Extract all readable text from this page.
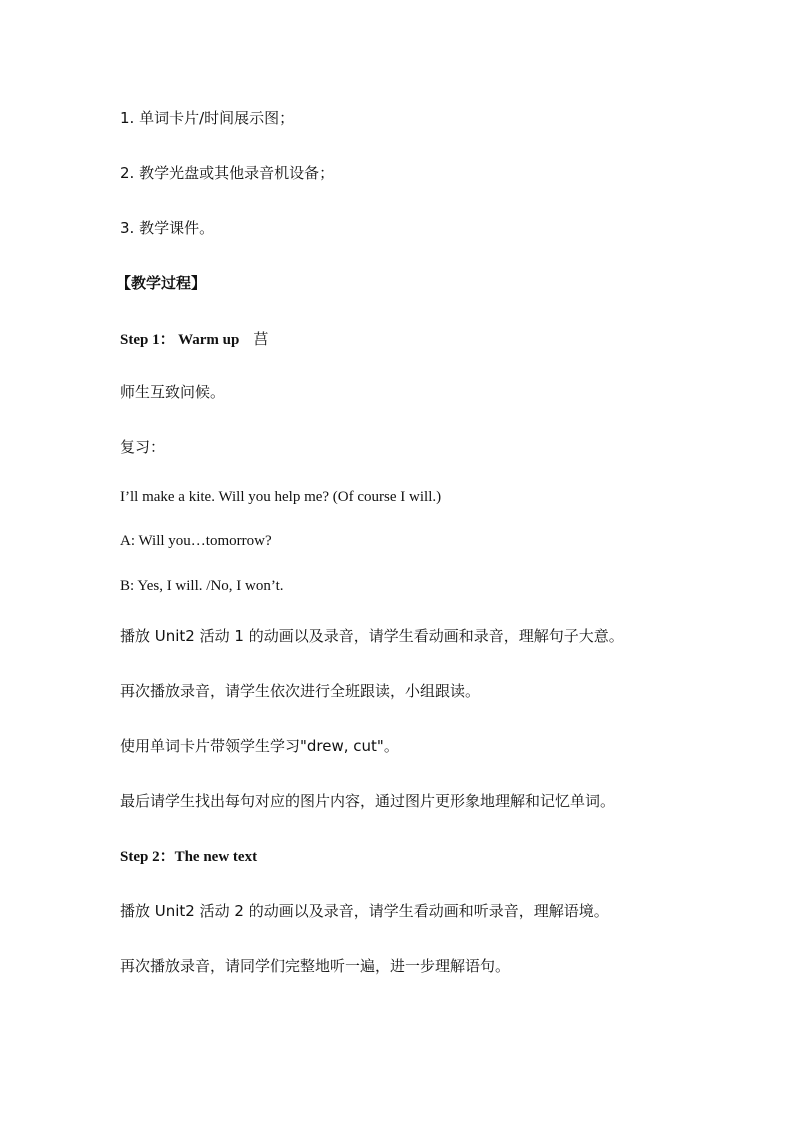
1. 单词卡片/时间展示图；
2. 教学光盘或其他录音机设备；
3. 教学课件。
【教学过程】
Step 1： Warm up 莒
师生互致问候。
复习：
I’ll make a kite. Will you help me? (Of course I will.)
A: Will you…tomorrow?
B: Yes, I will. /No, I won’t.
播放 Unit2 活动 1 的动画以及录音，请学生看动画和录音，理解句子大意。
再次播放录音，请学生依次进行全班跟读，小组跟读。
使用单词卡片带领学生学习"drew, cut"。
最后请学生找出每句对应的图片内容，通过图片更形象地理解和记忆单词。
Step 2：The new text
播放 Unit2 活动 2 的动画以及录音，请学生看动画和听录音，理解语境。
再次播放录音，请同学们完整地听一遍，进一步理解语句。
